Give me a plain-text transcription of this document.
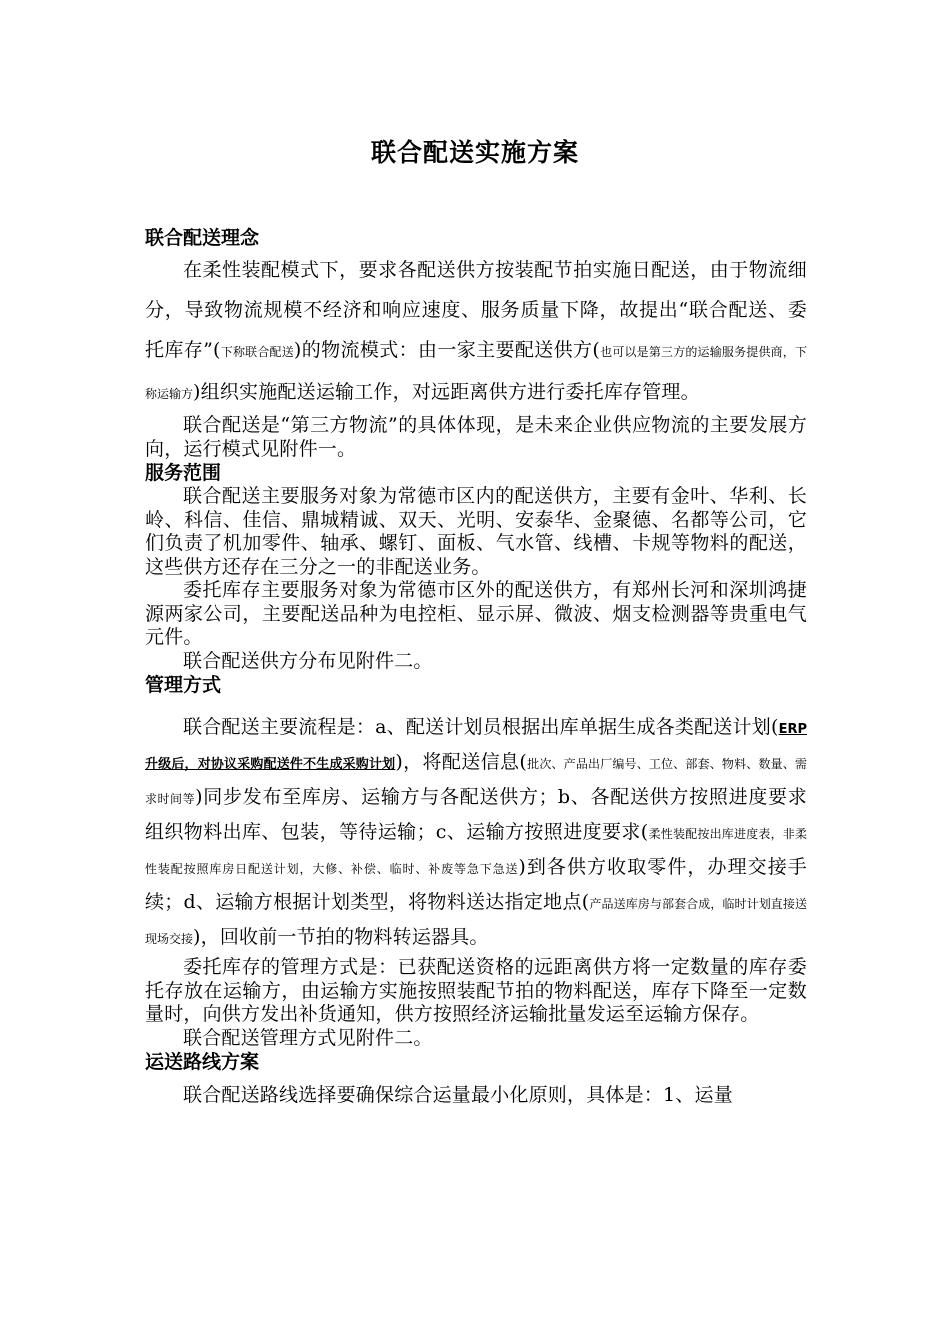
联合配送实施方案
联合配送理念

在柔性装配模式下，要求各配送供方按装配节拍实施日配送，由于物流细分，导致物流规模不经济和响应速度、服务质量下降，故提出“联合配送、委托库存”(下称联合配送)的物流模式：由一家主要配送供方(也可以是第三方的运输服务提供商，下称运输方)组织实施配送运输工作，对远距离供方进行委托库存管理。

联合配送是“第三方物流”的具体体现，是未来企业供应物流的主要发展方向，运行模式见附件一。

服务范围

联合配送主要服务对象为常德市区内的配送供方，主要有金叶、华利、长岭、科信、佳信、鼎城精诚、双天、光明、安泰华、金聚德、名都等公司，它们负责了机加零件、轴承、螺钉、面板、气水管、线槽、卡规等物料的配送，这些供方还存在三分之一的非配送业务。

委托库存主要服务对象为常德市区外的配送供方，有郑州长河和深圳鸿捷源两家公司，主要配送品种为电控柜、显示屏、微波、烟支检测器等贵重电气元件。

联合配送供方分布见附件二。

管理方式

联合配送主要流程是：a、配送计划员根据出库单据生成各类配送计划(ERP升级后，对协议采购配送件不生成采购计划)，将配送信息(批次、产品出厂编号、工位、部套、物料、数量、需求时间等)同步发布至库房、运输方与各配送供方；b、各配送供方按照进度要求组织物料出库、包装，等待运输；c、运输方按照进度要求(柔性装配按出库进度表，非柔性装配按照库房日配送计划，大修、补偿、临时、补废等急下急送)到各供方收取零件，办理交接手续；d、运输方根据计划类型，将物料送达指定地点(产品送库房与部套合成，临时计划直接送现场交接)，回收前一节拍的物料转运器具。

委托库存的管理方式是：已获配送资格的远距离供方将一定数量的库存委托存放在运输方，由运输方实施按照装配节拍的物料配送，库存下降至一定数量时，向供方发出补货通知，供方按照经济运输批量发运至运输方保存。

联合配送管理方式见附件二。

运送路线方案

联合配送路线选择要确保综合运量最小化原则，具体是：1、运量
